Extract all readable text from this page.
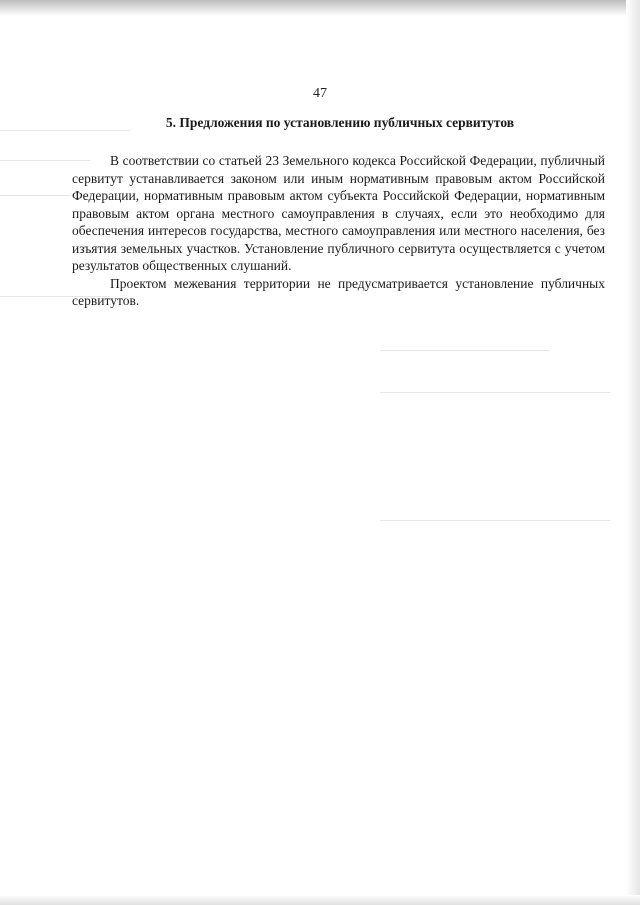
47
5. Предложения по установлению публичных сервитутов

В соответствии со статьей 23 Земельного кодекса Российской Федерации, публичный сервитут устанавливается законом или иным нормативным правовым актом Российской Федерации, нормативным правовым актом субъекта Российской Федерации, нормативным правовым актом органа местного самоуправления в случаях, если это необходимо для обеспечения интересов государства, местного самоуправления или местного населения, без изъятия земельных участков. Установление публичного сервитута осуществляется с учетом результатов общественных слушаний.

Проектом межевания территории не предусматривается установление публичных сервитутов.
